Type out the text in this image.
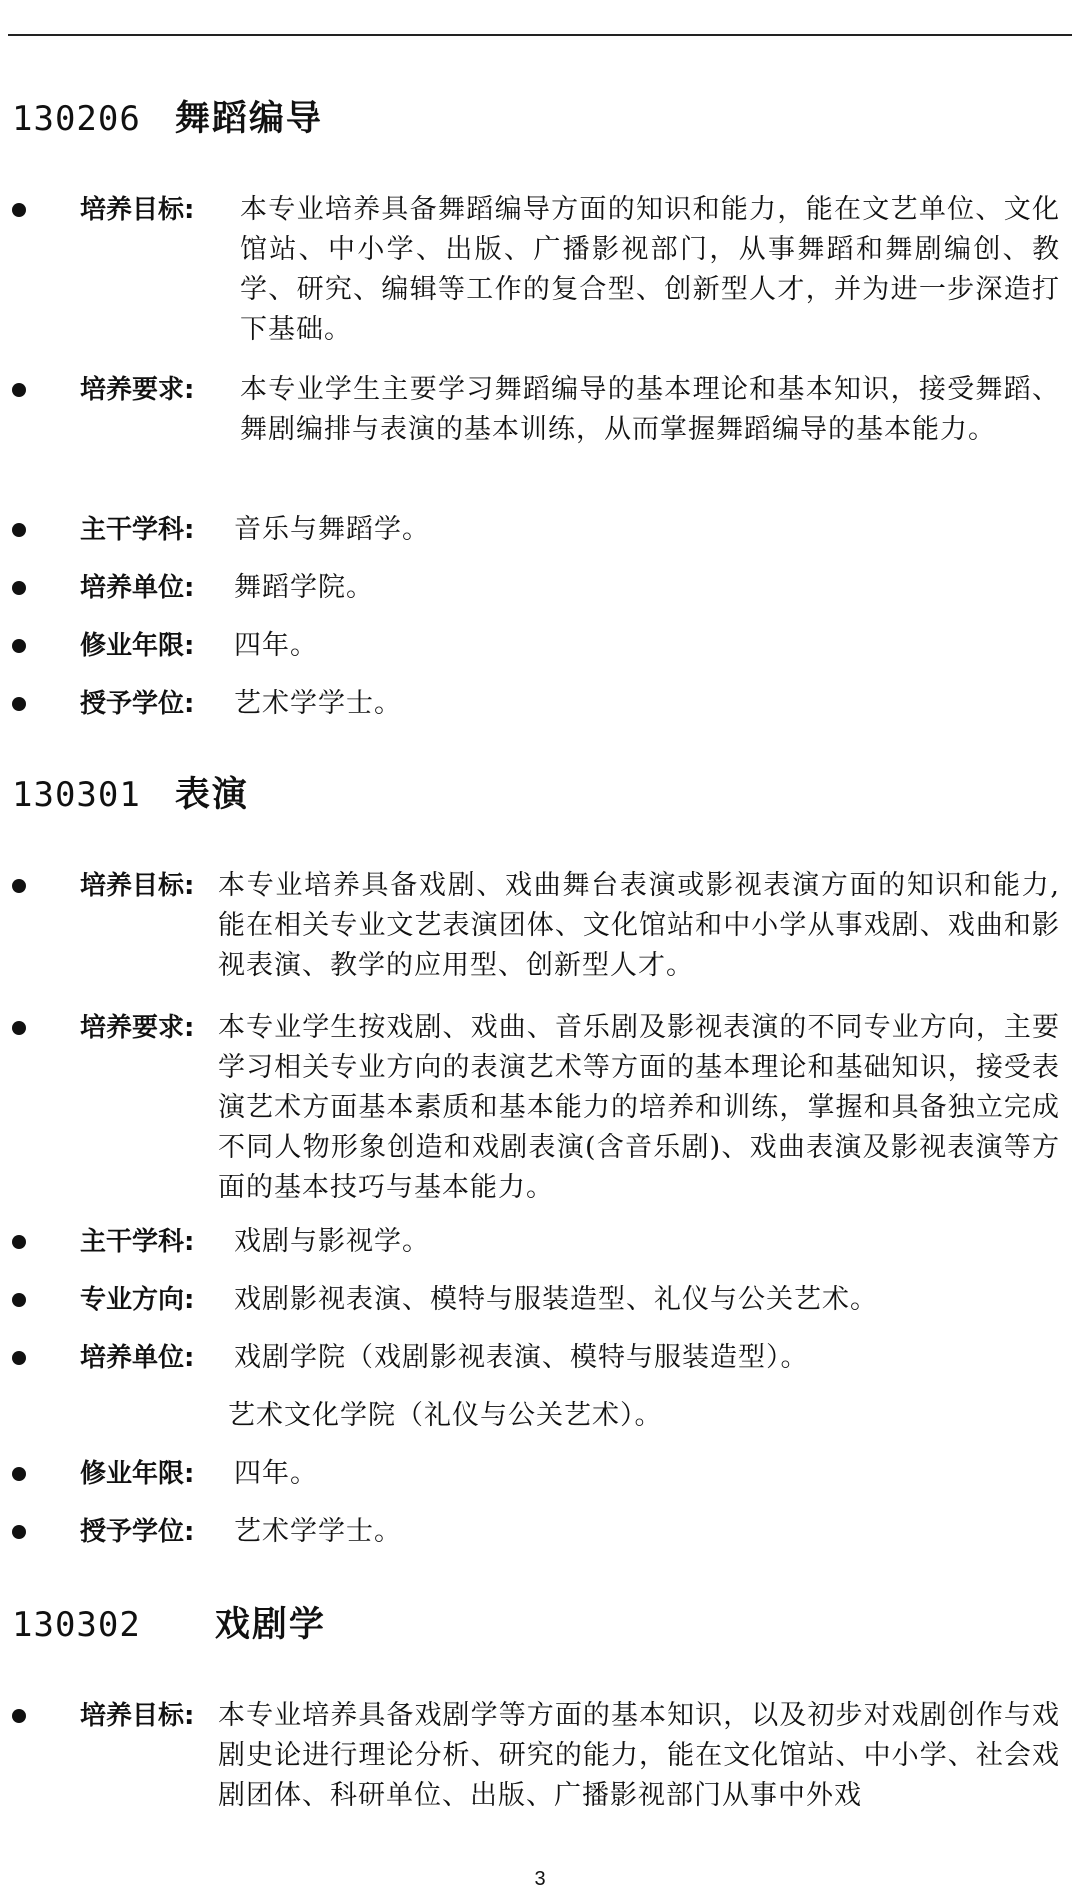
130206 舞蹈编导
培养目标: 本专业培养具备舞蹈编导方面的知识和能力，能在文艺单位、文化馆站、中小学、出版、广播影视部门，从事舞蹈和舞剧编创、教学、研究、编辑等工作的复合型、创新型人才，并为进一步深造打下基础。
培养要求: 本专业学生主要学习舞蹈编导的基本理论和基本知识，接受舞蹈、舞剧编排与表演的基本训练，从而掌握舞蹈编导的基本能力。
主干学科: 音乐与舞蹈学。
培养单位: 舞蹈学院。
修业年限: 四年。
授予学位: 艺术学学士。
130301 表演
培养目标: 本专业培养具备戏剧、戏曲舞台表演或影视表演方面的知识和能力,能在相关专业文艺表演团体、文化馆站和中小学从事戏剧、戏曲和影视表演、教学的应用型、创新型人才。
培养要求: 本专业学生按戏剧、戏曲、音乐剧及影视表演的不同专业方向，主要学习相关专业方向的表演艺术等方面的基本理论和基础知识，接受表演艺术方面基本素质和基本能力的培养和训练，掌握和具备独立完成不同人物形象创造和戏剧表演(含音乐剧)、戏曲表演及影视表演等方面的基本技巧与基本能力。
主干学科: 戏剧与影视学。
专业方向: 戏剧影视表演、模特与服装造型、礼仪与公关艺术。
培养单位: 戏剧学院（戏剧影视表演、模特与服装造型）。
艺术文化学院（礼仪与公关艺术）。
修业年限: 四年。
授予学位: 艺术学学士。
130302 戏剧学
培养目标: 本专业培养具备戏剧学等方面的基本知识，以及初步对戏剧创作与戏剧史论进行理论分析、研究的能力，能在文化馆站、中小学、社会戏剧团体、科研单位、出版、广播影视部门从事中外戏
3
